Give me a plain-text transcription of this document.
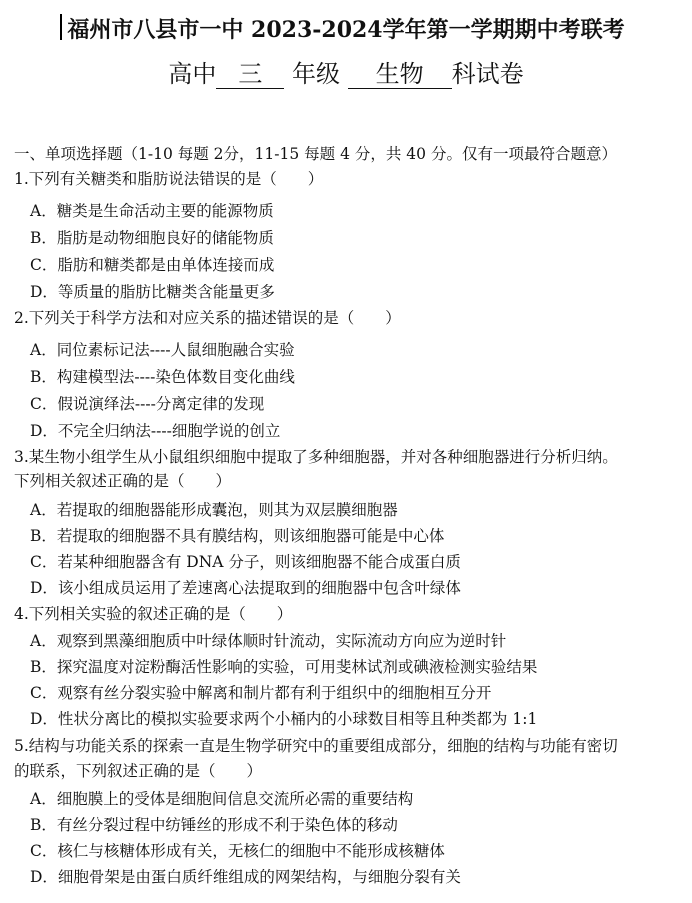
福州市八县市一中 2023-2024学年第一学期期中考联考
高中 三 年级 生物 科试卷
一、单项选择题（1-10 每题 2分，11-15 每题 4 分，共 40 分。仅有一项最符合题意）
1.下列有关糖类和脂肪说法错误的是（　　）
A．糖类是生命活动主要的能源物质
B．脂肪是动物细胞良好的储能物质
C．脂肪和糖类都是由单体连接而成
D．等质量的脂肪比糖类含能量更多
2.下列关于科学方法和对应关系的描述错误的是（　　）
A．同位素标记法----人鼠细胞融合实验
B．构建模型法----染色体数目变化曲线
C．假说演绎法----分离定律的发现
D．不完全归纳法----细胞学说的创立
3.某生物小组学生从小鼠组织细胞中提取了多种细胞器，并对各种细胞器进行分析归纳。
下列相关叙述正确的是（　　）
A．若提取的细胞器能形成囊泡，则其为双层膜细胞器
B．若提取的细胞器不具有膜结构，则该细胞器可能是中心体
C．若某种细胞器含有 DNA 分子，则该细胞器不能合成蛋白质
D．该小组成员运用了差速离心法提取到的细胞器中包含叶绿体
4.下列相关实验的叙述正确的是（　　）
A．观察到黑藻细胞质中叶绿体顺时针流动，实际流动方向应为逆时针
B．探究温度对淀粉酶活性影响的实验，可用斐林试剂或碘液检测实验结果
C．观察有丝分裂实验中解离和制片都有利于组织中的细胞相互分开
D．性状分离比的模拟实验要求两个小桶内的小球数目相等且种类都为 1:1
5.结构与功能关系的探索一直是生物学研究中的重要组成部分，细胞的结构与功能有密切
的联系，下列叙述正确的是（　　）
A．细胞膜上的受体是细胞间信息交流所必需的重要结构
B．有丝分裂过程中纺锤丝的形成不利于染色体的移动
C．核仁与核糖体形成有关，无核仁的细胞中不能形成核糖体
D．细胞骨架是由蛋白质纤维组成的网架结构，与细胞分裂有关
